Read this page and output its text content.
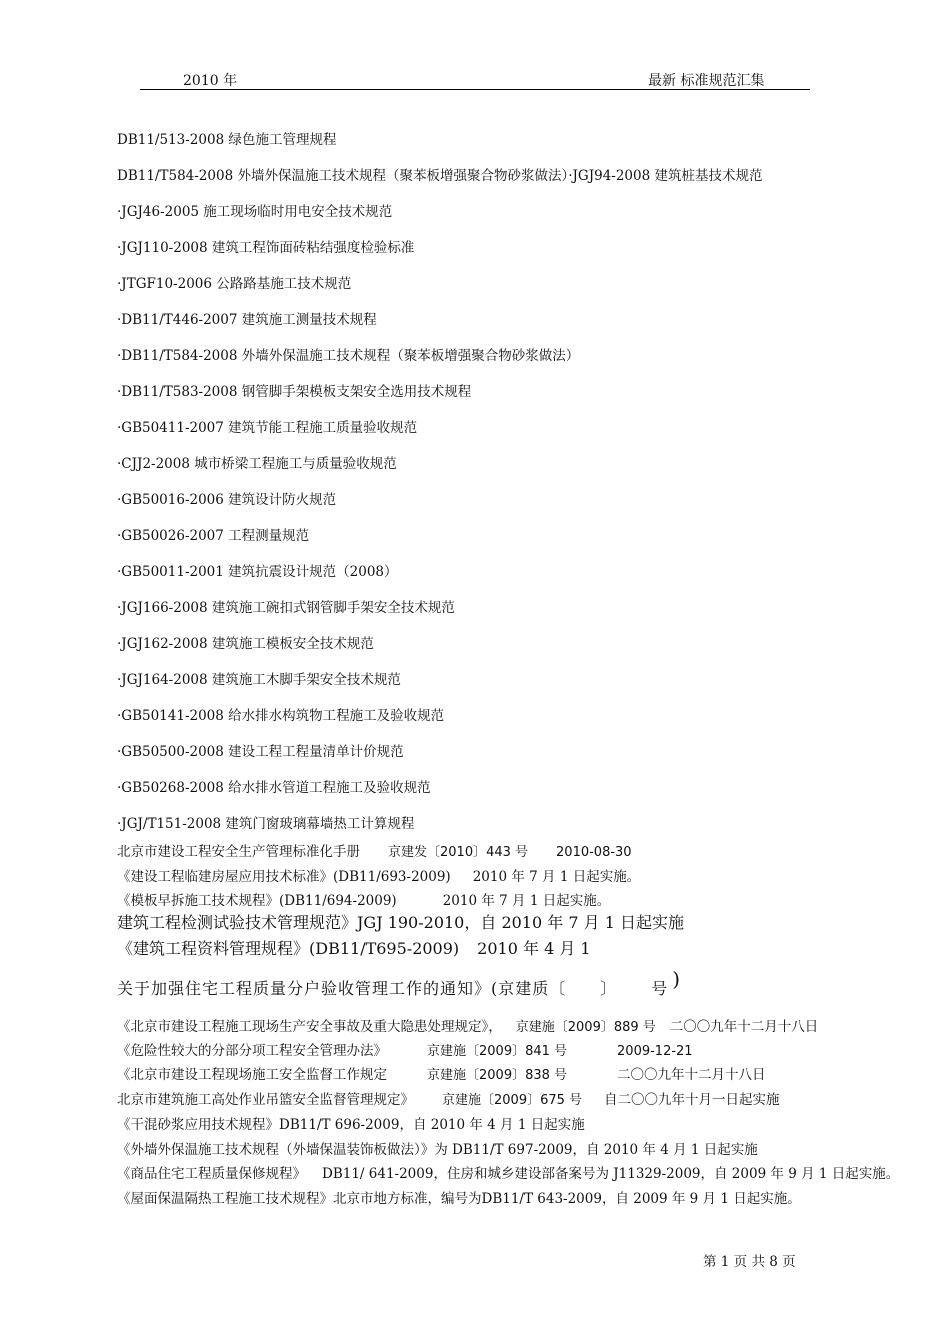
2010 年	最新 标准规范汇集
DB11/513-2008 绿色施工管理规程
DB11/T584-2008 外墙外保温施工技术规程（聚苯板增强聚合物砂浆做法）·JGJ94-2008 建筑桩基技术规范
·JGJ46-2005 施工现场临时用电安全技术规范
·JGJ110-2008 建筑工程饰面砖粘结强度检验标准
·JTGF10-2006 公路路基施工技术规范
·DB11/T446-2007 建筑施工测量技术规程
·DB11/T584-2008 外墙外保温施工技术规程（聚苯板增强聚合物砂浆做法）
·DB11/T583-2008 钢管脚手架模板支架安全选用技术规程
·GB50411-2007 建筑节能工程施工质量验收规范
·CJJ2-2008 城市桥梁工程施工与质量验收规范
·GB50016-2006 建筑设计防火规范
·GB50026-2007 工程测量规范
·GB50011-2001 建筑抗震设计规范（2008）
·JGJ166-2008 建筑施工碗扣式钢管脚手架安全技术规范
·JGJ162-2008 建筑施工模板安全技术规范
·JGJ164-2008 建筑施工木脚手架安全技术规范
·GB50141-2008 给水排水构筑物工程施工及验收规范
·GB50500-2008 建设工程工程量清单计价规范
·GB50268-2008 给水排水管道工程施工及验收规范
·JGJ/T151-2008 建筑门窗玻璃幕墙热工计算规程
北京市建设工程安全生产管理标准化手册 京建发〔2010〕443 号 2010-08-30
《建设工程临建房屋应用技术标准》(DB11/693-2009) 2010 年 7 月 1 日起实施。
《模板早拆施工技术规程》(DB11/694-2009)	2010 年 7 月 1 日起实施。
建筑工程检测试验技术管理规范》JGJ 190-2010，自 2010 年 7 月 1 日起实施
《建筑工程资料管理规程》(DB11/T695-2009) 2010 年 4 月 1
关于加强住宅工程质量分户验收管理工作的通知》(京建质〔 〕 号 )
《北京市建设工程施工现场生产安全事故及重大隐患处理规定》， 京建施〔2009〕889 号 二〇〇九年十二月十八日
《危险性较大的分部分项工程安全管理办法》	京建施〔2009〕841 号	2009-12-21
《北京市建设工程现场施工安全监督工作规定	京建施〔2009〕838 号	二〇〇九年十二月十八日
北京市建筑施工高处作业吊篮安全监督管理规定》 京建施〔2009〕675 号 自二〇〇九年十月一日起实施
《干混砂浆应用技术规程》DB11/T 696-2009，自 2010 年 4 月 1 日起实施
《外墙外保温施工技术规程（外墙保温装饰板做法）》为 DB11/T 697-2009，自 2010 年 4 月 1 日起实施
《商品住宅工程质量保修规程》 DB11/ 641-2009，住房和城乡建设部备案号为 J11329-2009，自 2009 年 9 月 1 日起实施。
《屋面保温隔热工程施工技术规程》北京市地方标准，编号为DB11/T 643-2009，自 2009 年 9 月 1 日起实施。
第 1 页 共 8 页
